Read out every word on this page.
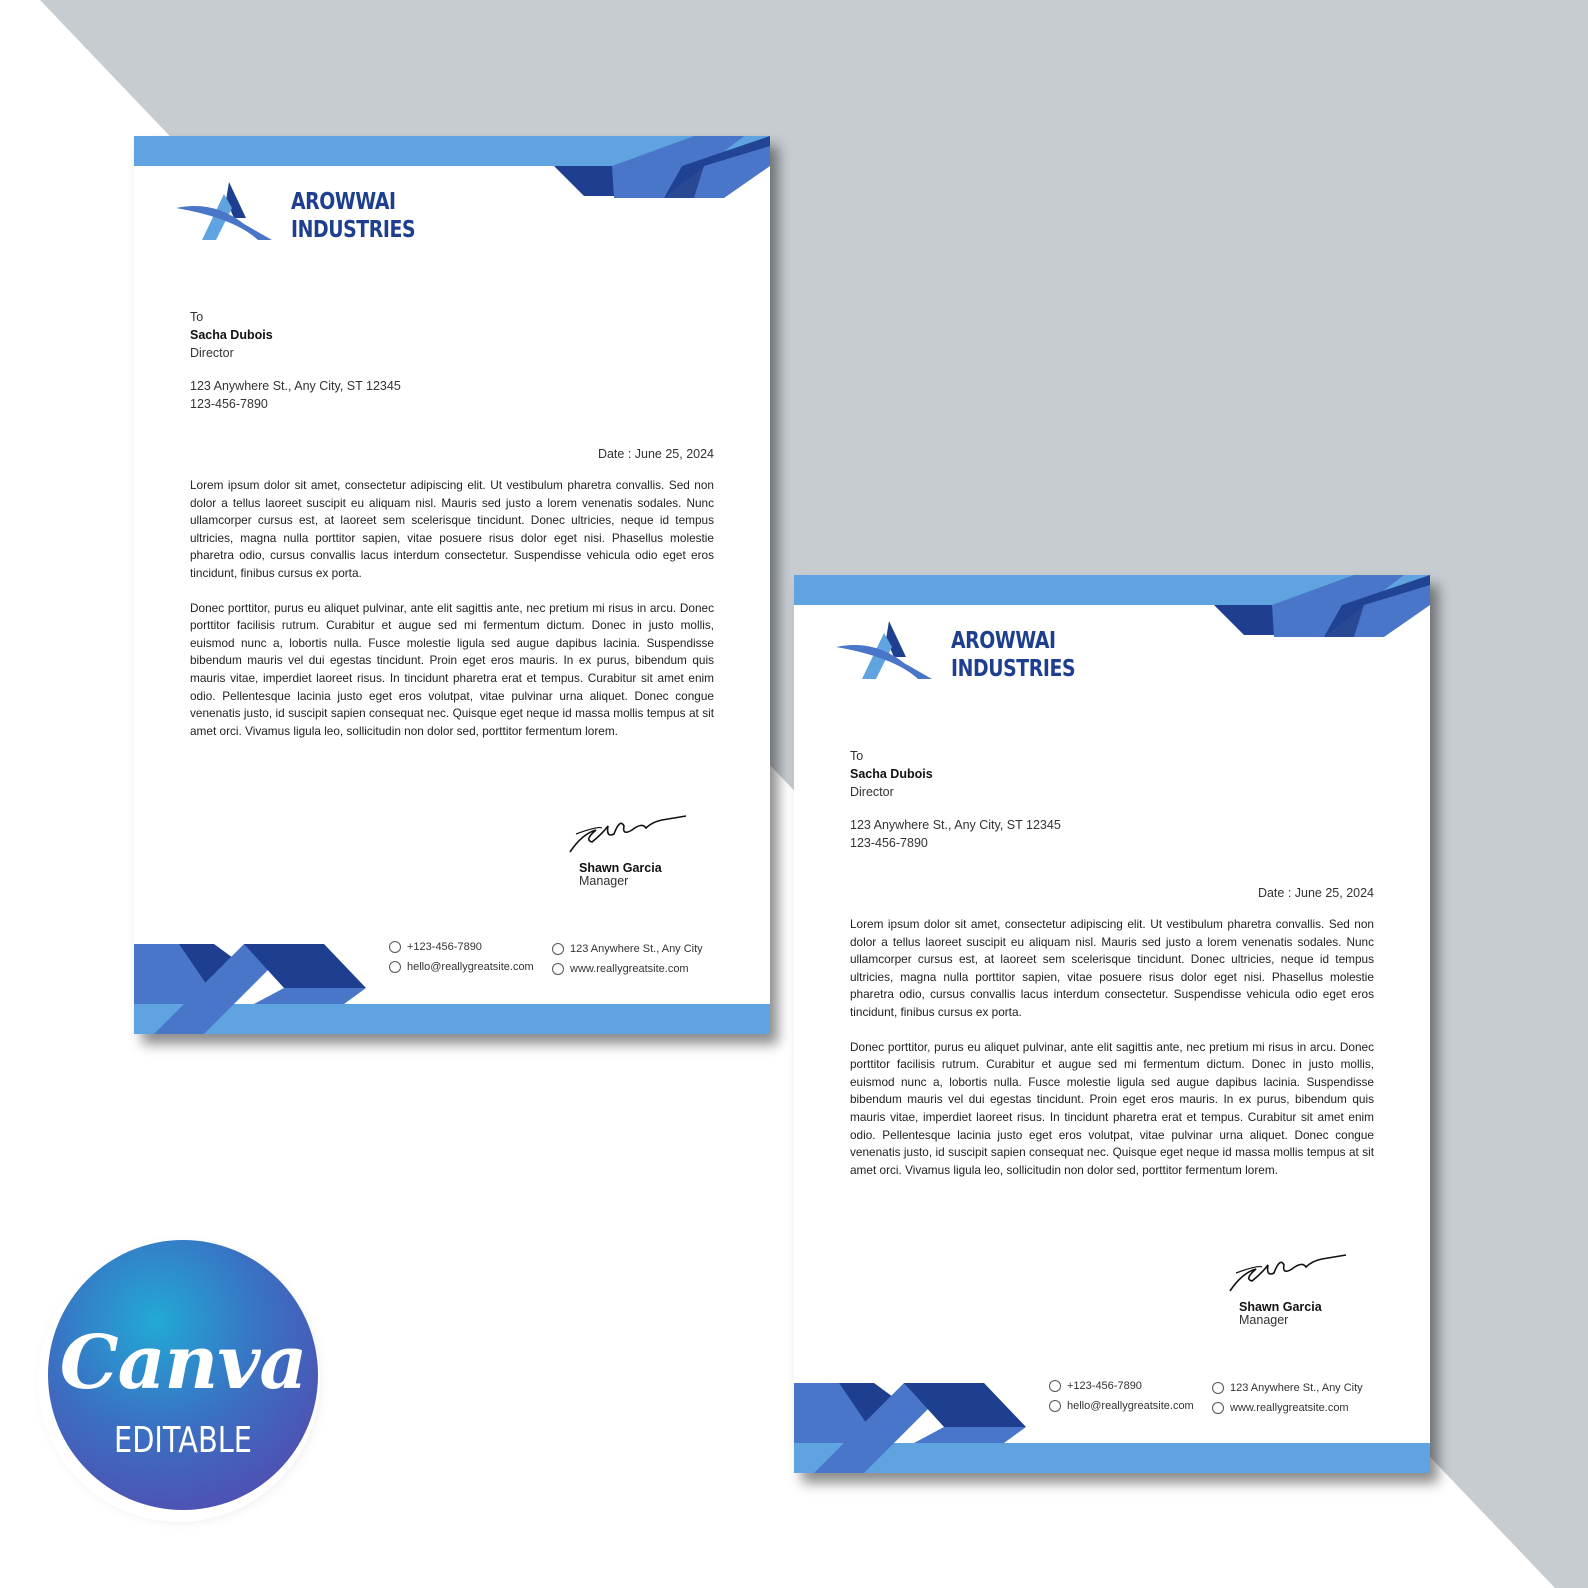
AROWWAI
INDUSTRIES
To
Sacha Dubois
Director
123 Anywhere St., Any City, ST 12345
123-456-7890
Date : June 25, 2024

Lorem ipsum dolor sit amet, consectetur adipiscing elit. Ut vestibulum pharetra convallis. Sed non dolor a tellus laoreet suscipit eu aliquam nisl. Mauris sed justo a lorem venenatis sodales. Nunc ullamcorper cursus est, at laoreet sem scelerisque tincidunt. Donec ultricies, neque id tempus ultricies, magna nulla porttitor sapien, vitae posuere risus dolor eget nisi. Phasellus molestie pharetra odio, cursus convallis lacus interdum consectetur. Suspendisse vehicula odio eget eros tincidunt, finibus cursus ex porta.

Donec porttitor, purus eu aliquet pulvinar, ante elit sagittis ante, nec pretium mi risus in arcu. Donec porttitor facilisis rutrum. Curabitur et augue sed mi fermentum dictum. Donec in justo mollis, euismod nunc a, lobortis nulla. Fusce molestie ligula sed augue dapibus lacinia. Suspendisse bibendum mauris vel dui egestas tincidunt. Proin eget eros mauris. In ex purus, bibendum quis mauris vitae, imperdiet laoreet risus. In tincidunt pharetra erat et tempus. Curabitur sit amet enim odio. Pellentesque lacinia justo eget eros volutpat, vitae pulvinar urna aliquet. Donec congue venenatis justo, id suscipit sapien consequat nec. Quisque eget neque id massa mollis tempus at sit amet orci. Vivamus ligula leo, sollicitudin non dolor sed, porttitor fermentum lorem.

Shawn Garcia
Manager
+123-456-7890
hello@reallygreatsite.com
123 Anywhere St., Any City
www.reallygreatsite.com
AROWWAI
INDUSTRIES
To
Sacha Dubois
Director
123 Anywhere St., Any City, ST 12345
123-456-7890
Date : June 25, 2024

Lorem ipsum dolor sit amet, consectetur adipiscing elit. Ut vestibulum pharetra convallis. Sed non dolor a tellus laoreet suscipit eu aliquam nisl. Mauris sed justo a lorem venenatis sodales. Nunc ullamcorper cursus est, at laoreet sem scelerisque tincidunt. Donec ultricies, neque id tempus ultricies, magna nulla porttitor sapien, vitae posuere risus dolor eget nisi. Phasellus molestie pharetra odio, cursus convallis lacus interdum consectetur. Suspendisse vehicula odio eget eros tincidunt, finibus cursus ex porta.

Donec porttitor, purus eu aliquet pulvinar, ante elit sagittis ante, nec pretium mi risus in arcu. Donec porttitor facilisis rutrum. Curabitur et augue sed mi fermentum dictum. Donec in justo mollis, euismod nunc a, lobortis nulla. Fusce molestie ligula sed augue dapibus lacinia. Suspendisse bibendum mauris vel dui egestas tincidunt. Proin eget eros mauris. In ex purus, bibendum quis mauris vitae, imperdiet laoreet risus. In tincidunt pharetra erat et tempus. Curabitur sit amet enim odio. Pellentesque lacinia justo eget eros volutpat, vitae pulvinar urna aliquet. Donec congue venenatis justo, id suscipit sapien consequat nec. Quisque eget neque id massa mollis tempus at sit amet orci. Vivamus ligula leo, sollicitudin non dolor sed, porttitor fermentum lorem.

Shawn Garcia
Manager
+123-456-7890
hello@reallygreatsite.com
123 Anywhere St., Any City
www.reallygreatsite.com
Canva
EDITABLE
